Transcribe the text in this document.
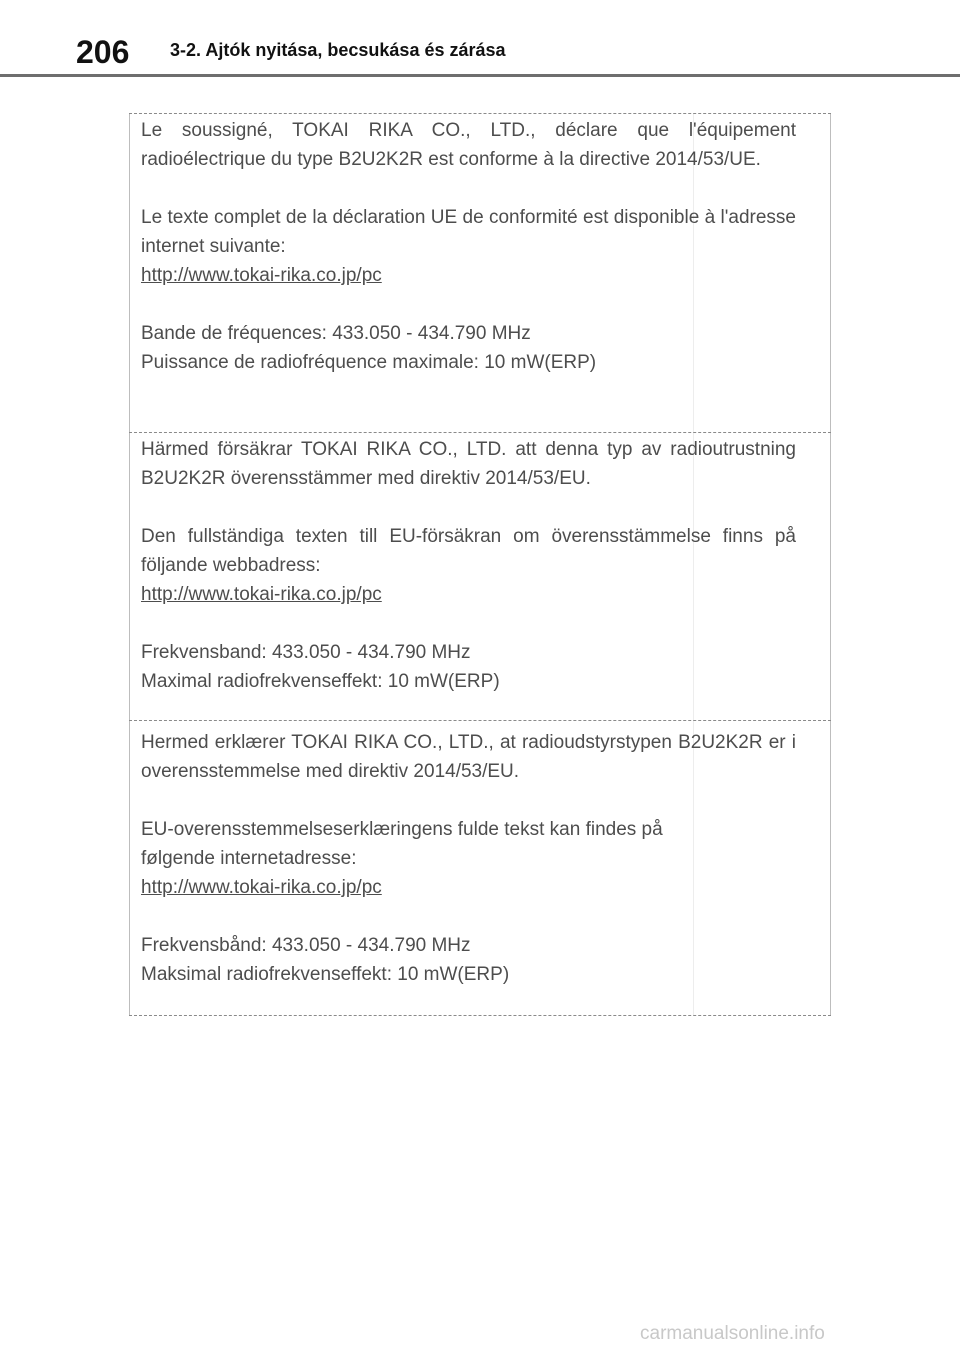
206 3-2. Ajtók nyitása, becsukása és zárása

Le soussigné, TOKAI RIKA CO., LTD., déclare que l'équipement radioélectrique du type B2U2K2R est conforme à la directive 2014/53/UE.

Le texte complet de la déclaration UE de conformité est disponible à l'adresse internet suivante:

http://www.tokai-rika.co.jp/pc

Bande de fréquences: 433.050 - 434.790 MHz

Puissance de radiofréquence maximale: 10 mW(ERP)

Härmed försäkrar TOKAI RIKA CO., LTD. att denna typ av radioutrustning B2U2K2R överensstämmer med direktiv 2014/53/EU.

Den fullständiga texten till EU-försäkran om överensstämmelse finns på följande webbadress:

http://www.tokai-rika.co.jp/pc

Frekvensband: 433.050 - 434.790 MHz

Maximal radiofrekvenseffekt: 10 mW(ERP)

Hermed erklærer TOKAI RIKA CO., LTD., at radioudstyrstypen B2U2K2R er i overensstemmelse med direktiv 2014/53/EU.

EU-overensstemmelseserklæringens fulde tekst kan findes på

følgende internetadresse:

http://www.tokai-rika.co.jp/pc

Frekvensbånd: 433.050 - 434.790 MHz

Maksimal radiofrekvenseffekt: 10 mW(ERP)

carmanualsonline.info
